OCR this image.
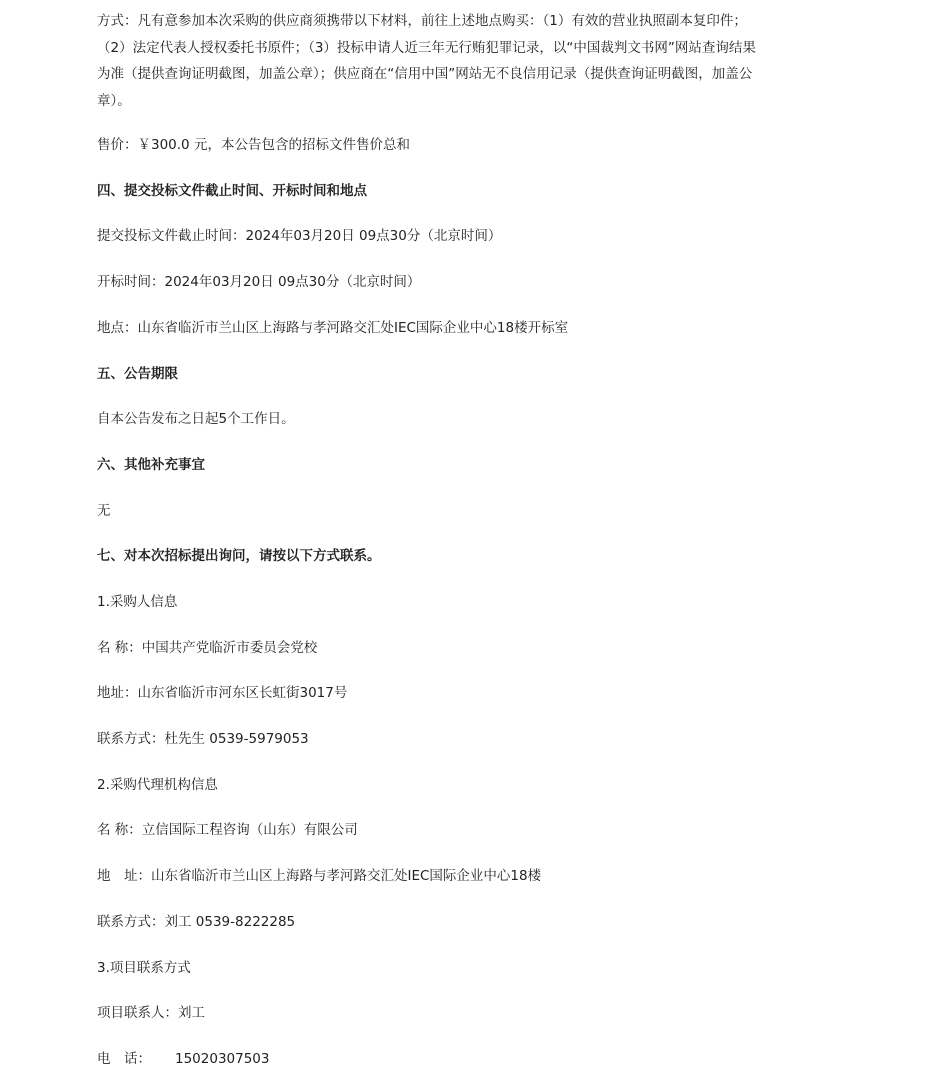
方式：凡有意参加本次采购的供应商须携带以下材料，前往上述地点购买：（1）有效的营业执照副本复印件；（2）法定代表人授权委托书原件；（3）投标申请人近三年无行贿犯罪记录，以“中国裁判文书网”网站查询结果为准（提供查询证明截图，加盖公章）；供应商在“信用中国”网站无不良信用记录（提供查询证明截图，加盖公章）。

售价：￥300.0 元，本公告包含的招标文件售价总和

四、提交投标文件截止时间、开标时间和地点

提交投标文件截止时间：2024年03月20日 09点30分（北京时间）

开标时间：2024年03月20日 09点30分（北京时间）

地点：山东省临沂市兰山区上海路与孝河路交汇处IEC国际企业中心18楼开标室

五、公告期限

自本公告发布之日起5个工作日。

六、其他补充事宜

无

七、对本次招标提出询问，请按以下方式联系。

1.采购人信息

名 称：中国共产党临沂市委员会党校

地址：山东省临沂市河东区长虹街3017号

联系方式：杜先生 0539-5979053

2.采购代理机构信息

名 称：立信国际工程咨询（山东）有限公司

地　址：山东省临沂市兰山区上海路与孝河路交汇处IEC国际企业中心18楼

联系方式：刘工 0539-8222285

3.项目联系方式

项目联系人：刘工

电　话： 15020307503
